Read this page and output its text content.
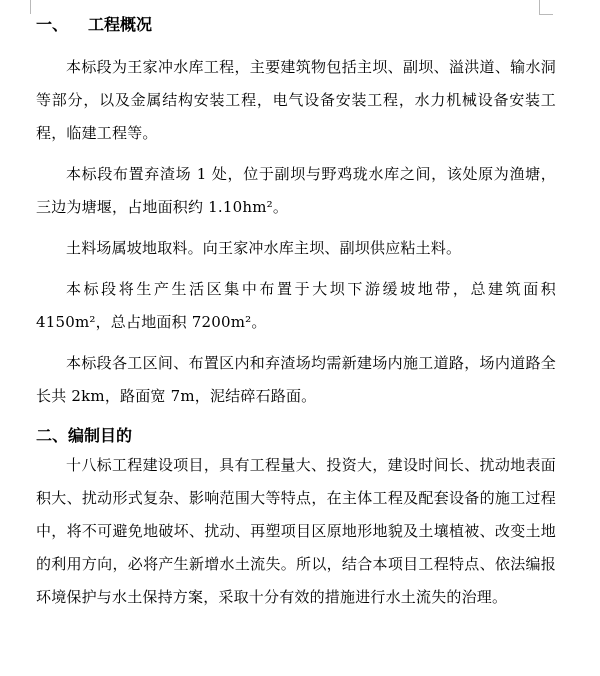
一、 工程概况

本标段为王家冲水库工程，主要建筑物包括主坝、副坝、溢洪道、输水洞等部分，以及金属结构安装工程，电气设备安装工程，水力机械设备安装工程，临建工程等。

本标段布置弃渣场 1 处，位于副坝与野鸡珑水库之间，该处原为渔塘，三边为塘堰，占地面积约 1.10hm²。

土料场属坡地取料。向王家冲水库主坝、副坝供应粘土料。

本标段将生产生活区集中布置于大坝下游缓坡地带，总建筑面积 4150m²，总占地面积 7200m²。

本标段各工区间、布置区内和弃渣场均需新建场内施工道路，场内道路全长共 2km，路面宽 7m，泥结碎石路面。

二、编制目的

十八标工程建设项目，具有工程量大、投资大，建设时间长、扰动地表面积大、扰动形式复杂、影响范围大等特点，在主体工程及配套设备的施工过程中，将不可避免地破坏、扰动、再塑项目区原地形地貌及土壤植被、改变土地的利用方向，必将产生新增水土流失。所以，结合本项目工程特点、依法编报环境保护与水土保持方案，采取十分有效的措施进行水土流失的治理。
